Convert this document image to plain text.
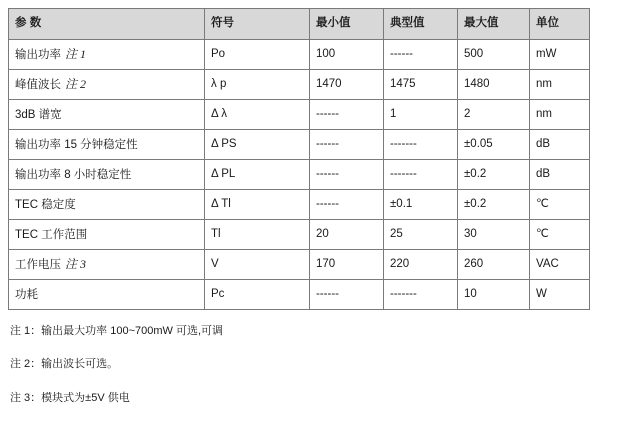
参 数	符号	最小值	典型值	最大值	单位
输出功率 注 1	Po	100	------	500	mW
峰值波长 注 2	λ p	1470	1475	1480	nm
3dB 谱宽	Δ λ	------	1	2	nm
输出功率 15 分钟稳定性	Δ PS	------	-------	±0.05	dB
输出功率 8 小时稳定性	Δ PL	------	-------	±0.2	dB
TEC 稳定度	Δ Tl	------	±0.1	±0.2	℃
TEC 工作范围	Tl	20	25	30	℃
工作电压 注 3	V	170	220	260	VAC
功耗	Pc	------	-------	10	W
注 1：输出最大功率 100~700mW 可选,可调
注 2：输出波长可选。
注 3：模块式为±5V 供电
